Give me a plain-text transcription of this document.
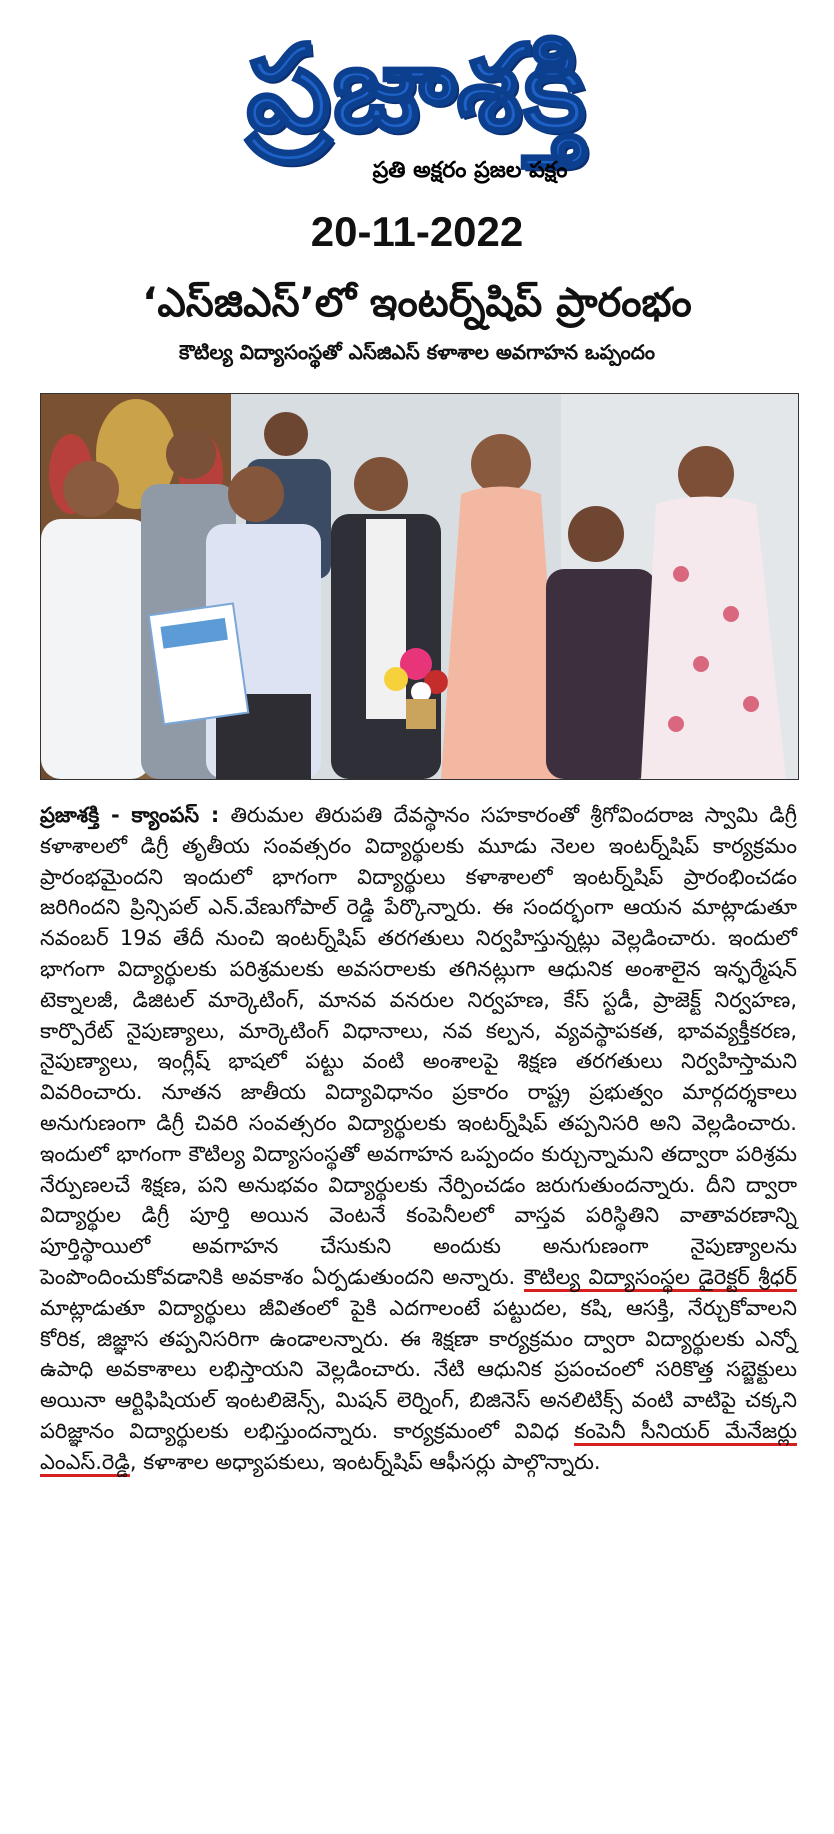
ప్రజాశక్తి
ప్రతి అక్షరం ప్రజల పక్షం
20-11-2022
‘ఎస్‌జిఎస్’లో ఇంటర్న్‌షిప్ ప్రారంభం
కౌటిల్య విద్యాసంస్థతో ఎస్‌జిఎస్ కళాశాల అవగాహన ఒప్పందం
ప్రజాశక్తి - క్యాంపస్ : తిరుమల తిరుపతి దేవస్థానం సహకారంతో శ్రీగోవిందరాజ స్వామి డిగ్రీ కళాశాలలో డిగ్రీ తృతీయ సంవత్సరం విద్యార్థులకు మూడు నెలల ఇంటర్న్‌షిప్ కార్యక్రమం ప్రారంభమైందని ఇందులో భాగంగా విద్యార్థులు కళాశాలలో ఇంటర్న్‌షిప్ ప్రారంభించడం జరిగిందని ప్రిన్సిపల్ ఎన్.వేణుగోపాల్ రెడ్డి పేర్కొన్నారు. ఈ సందర్భంగా ఆయన మాట్లాడుతూ నవంబర్ 19వ తేదీ నుంచి ఇంటర్న్‌షిప్ తరగతులు నిర్వహిస్తున్నట్లు వెల్లడించారు. ఇందులో భాగంగా విద్యార్థులకు పరిశ్రమలకు అవసరాలకు తగినట్లుగా ఆధునిక అంశాలైన ఇన్ఫర్మేషన్ టెక్నాలజీ, డిజిటల్ మార్కెటింగ్, మానవ వనరుల నిర్వహణ, కేస్ స్టడీ, ప్రాజెక్ట్ నిర్వహణ, కార్పొరేట్ నైపుణ్యాలు, మార్కెటింగ్ విధానాలు, నవ కల్పన, వ్యవస్థాపకత, భావవ్యక్తీకరణ, నైపుణ్యాలు, ఇంగ్లీష్ భాషలో పట్టు వంటి అంశాలపై శిక్షణ తరగతులు నిర్వహిస్తామని వివరించారు. నూతన జాతీయ విద్యావిధానం ప్రకారం రాష్ట్ర ప్రభుత్వం మార్గదర్శకాలు అనుగుణంగా డిగ్రీ చివరి సంవత్సరం విద్యార్థులకు ఇంటర్న్‌షిప్ తప్పనిసరి అని వెల్లడించారు. ఇందులో భాగంగా కౌటిల్య విద్యాసంస్థతో అవగాహన ఒప్పందం కుర్చున్నామని తద్వారా పరిశ్రమ నేర్పుణలచే శిక్షణ, పని అనుభవం విద్యార్థులకు నేర్పించడం జరుగుతుందన్నారు. దీని ద్వారా విద్యార్థుల డిగ్రీ పూర్తి అయిన వెంటనే కంపెనీలలో వాస్తవ పరిస్థితిని వాతావరణాన్ని పూర్తిస్థాయిలో అవగాహన చేసుకుని అందుకు అనుగుణంగా నైపుణ్యాలను పెంపొందించుకోవడానికి అవకాశం ఏర్పడుతుందని అన్నారు. కౌటిల్య విద్యాసంస్థల డైరెక్టర్ శ్రీధర్ మాట్లాడుతూ విద్యార్థులు జీవితంలో పైకి ఎదగాలంటే పట్టుదల, కషి, ఆసక్తి, నేర్చుకోవాలని కోరిక, జిజ్ఞాస తప్పనిసరిగా ఉండాలన్నారు. ఈ శిక్షణా కార్యక్రమం ద్వారా విద్యార్థులకు ఎన్నో ఉపాధి అవకాశాలు లభిస్తాయని వెల్లడించారు. నేటి ఆధునిక ప్రపంచంలో సరికొత్త సబ్జెక్టులు అయినా ఆర్టిఫిషియల్ ఇంటలిజెన్స్, మిషన్ లెర్నింగ్, బిజినెస్ అనలిటిక్స్ వంటి వాటిపై చక్కని పరిజ్ఞానం విద్యార్థులకు లభిస్తుందన్నారు. కార్యక్రమంలో వివిధ కంపెనీ సీనియర్ మేనేజర్లు ఎంఎస్.రెడ్డి, కళాశాల అధ్యాపకులు, ఇంటర్న్‌షిప్ ఆఫీసర్లు పాల్గొన్నారు.
